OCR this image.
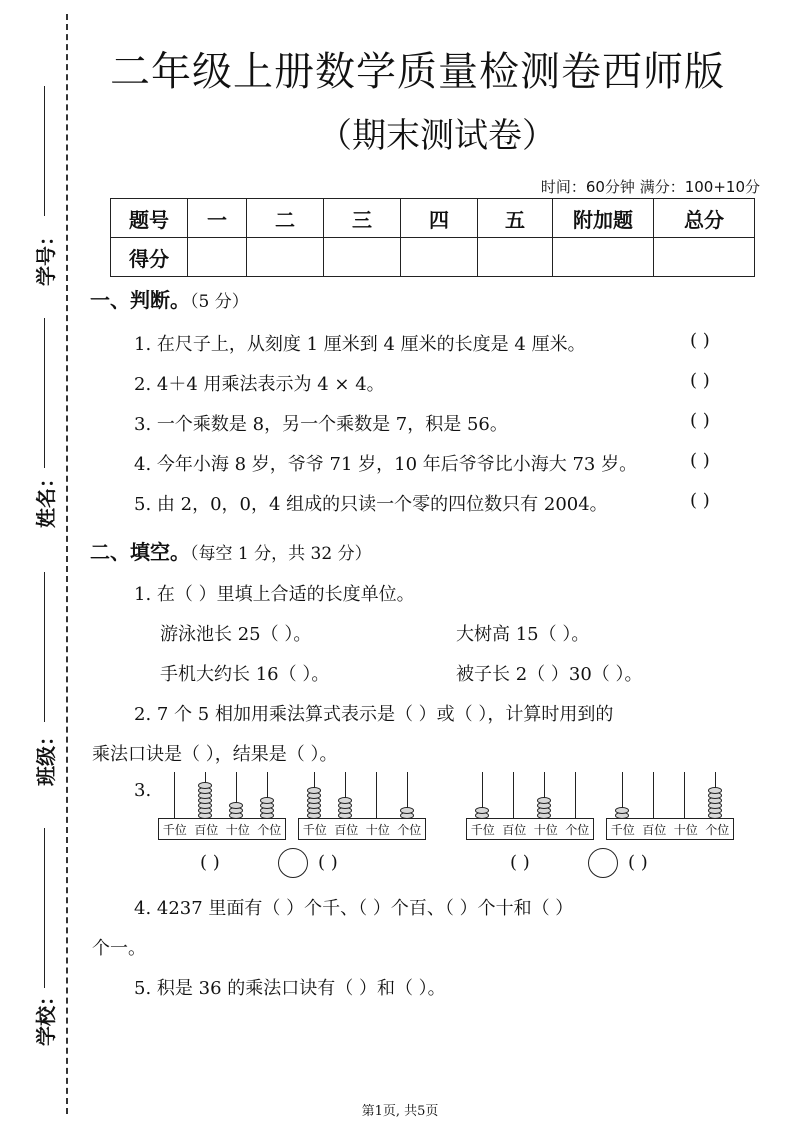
学号：
姓名：
班级：
学校：
二年级上册数学质量检测卷西师版
（期末测试卷）
时间：60分钟 满分：100+10分
题号	一	二	三	四	五	附加题	总分
得分							
一、判断。（5 分）
1. 在尺子上，从刻度 1 厘米到 4 厘米的长度是 4 厘米。	( )
2. 4＋4 用乘法表示为 4 × 4。	( )
3. 一个乘数是 8，另一个乘数是 7，积是 56。	( )
4. 今年小海 8 岁，爷爷 71 岁，10 年后爷爷比小海大 73 岁。	( )
5. 由 2，0，0，4 组成的只读一个零的四位数只有 2004。	( )
二、填空。（每空 1 分，共 32 分）
1. 在（ ）里填上合适的长度单位。
游泳池长 25（ ）。	大树高 15（ ）。
手机大约长 16（ ）。	被子长 2（ ）30（ ）。
2. 7 个 5 相加用乘法算式表示是（ ）或（ ），计算时用到的
乘法口诀是（ ），结果是（ ）。
3.
千位 百位 十位 个位 千位 百位 十位 个位	千位 百位 十位 个位 千位 百位 十位 个位
( )	( )	( )	( )
4. 4237 里面有（ ）个千、（ ）个百、（ ）个十和（ ）
个一。
5. 积是 36 的乘法口诀有（ ）和（ ）。
第1页, 共5页
